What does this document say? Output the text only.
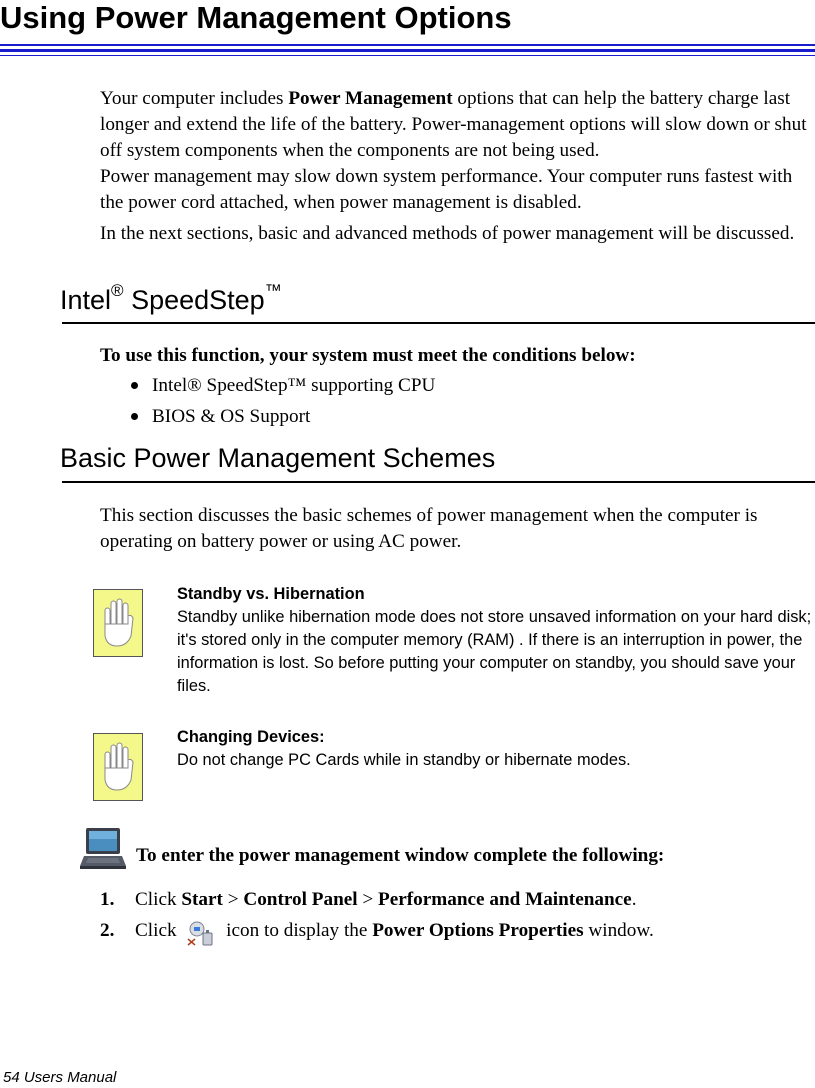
Using Power Management Options

Your computer includes Power Management options that can help the battery charge last longer and extend the life of the battery. Power-management options will slow down or shut off system components when the components are not being used.

Power management may slow down system performance. Your computer runs fastest with the power cord attached, when power management is disabled.

In the next sections, basic and advanced methods of power management will be discussed.

Intel® SpeedStep™
To use this function, your system must meet the conditions below:
Intel® SpeedStep™ supporting CPU
BIOS & OS Support
Basic Power Management Schemes

This section discusses the basic schemes of power management when the computer is operating on battery power or using AC power.

Standby vs. Hibernation
Standby unlike hibernation mode does not store unsaved information on your hard disk; it's stored only in the computer memory (RAM) . If there is an interruption in power, the information is lost. So before putting your computer on standby, you should save your files.
Changing Devices:
Do not change PC Cards while in standby or hibernate modes.
To enter the power management window complete the following:
1. Click Start > Control Panel > Performance and Maintenance.
2. Click  icon to display the Power Options Properties window.
54 Users Manual
